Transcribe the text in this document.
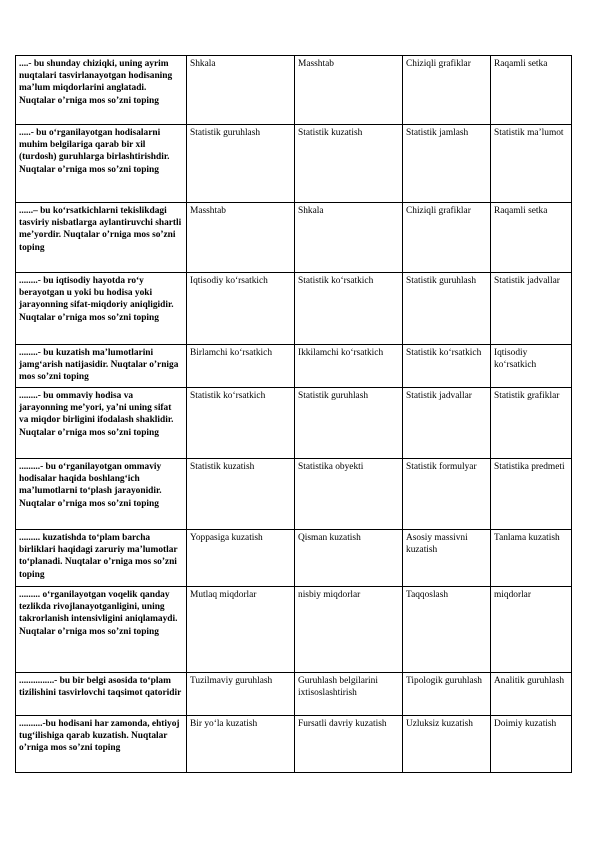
....- bu shunday chiziqki, uning ayrim nuqtalari tasvirlanayotgan hodisaning ma’lum miqdorlarini anglatadi. Nuqtalar o’rniga mos so’zni toping	Shkala	Masshtab	Chiziqli grafiklar	Raqamli setka
.....- bu o‘rganilayotgan hodisalarni muhim belgilariga qarab bir xil (turdosh) guruhlarga birlashtirishdir. Nuqtalar o’rniga mos so’zni toping	Statistik guruhlash	Statistik kuzatish	Statistik jamlash	Statistik ma’lumot
......– bu ko‘rsatkichlarni tekislikdagi tasviriy nisbatlarga aylantiruvchi shartli me’yordir. Nuqtalar o’rniga mos so’zni toping	Masshtab	Shkala	Chiziqli grafiklar	Raqamli setka
........- bu iqtisodiy hayotda ro‘y berayotgan u yoki bu hodisa yoki jarayonning sifat-miqdoriy aniqligidir. Nuqtalar o’rniga mos so’zni toping	Iqtisodiy ko‘rsatkich	Statistik ko‘rsatkich	Statistik guruhlash	Statistik jadvallar
........- bu kuzatish ma’lumotlarini jamg‘arish natijasidir. Nuqtalar o’rniga mos so’zni toping	Birlamchi ko‘rsatkich	Ikkilamchi ko‘rsatkich	Statistik ko‘rsatkich	Iqtisodiy ko‘rsatkich
........- bu ommaviy hodisa va jarayonning me’yori, ya’ni uning sifat va miqdor birligini ifodalash shaklidir. Nuqtalar o’rniga mos so’zni toping	Statistik ko‘rsatkich	Statistik guruhlash	Statistik jadvallar	Statistik grafiklar
.........- bu o‘rganilayotgan ommaviy hodisalar haqida boshlang‘ich ma’lumotlarni to‘plash jarayonidir. Nuqtalar o’rniga mos so’zni toping	Statistik kuzatish	Statistika obyekti	Statistik formulyar	Statistika predmeti
......... kuzatishda to‘plam barcha birliklari haqidagi zaruriy ma’lumotlar to‘planadi. Nuqtalar o’rniga mos so’zni toping	Yoppasiga kuzatish	Qisman kuzatish	Asosiy massivni kuzatish	Tanlama kuzatish
......... o‘rganilayotgan voqelik qanday tezlikda rivojlanayotganligini, uning takrorlanish intensivligini aniqlamaydi. Nuqtalar o’rniga mos so’zni toping	Mutlaq miqdorlar	nisbiy miqdorlar	Taqqoslash	miqdorlar
...............- bu bir belgi asosida to‘plam tizilishini tasvirlovchi taqsimot qatoridir	Tuzilmaviy guruhlash	Guruhlash belgilarini ixtisoslashtirish	Tipologik guruhlash	Analitik guruhlash
..........-bu hodisani har zamonda, ehtiyoj tug‘ilishiga qarab kuzatish. Nuqtalar o’rniga mos so’zni toping	Bir yo‘la kuzatish	Fursatli davriy kuzatish	Uzluksiz kuzatish	Doimiy kuzatish
